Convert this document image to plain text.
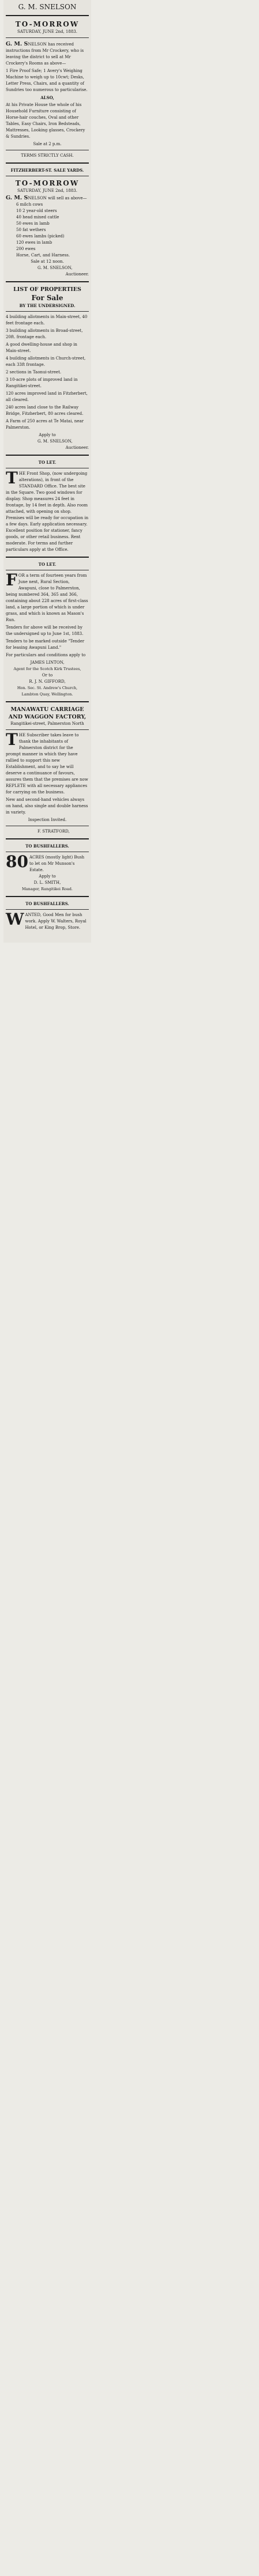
G. M. SNELSON
TO-MORROW
SATURDAY, JUNE 2nd, 1883.
G. M. SNELSON has received instructions from Mr Crockery, who is leaving the district to sell at Mr Crockery's Rooms as above—
1 Fire Proof Safe; 1 Avery's Weighing Machine to weigh up to 10cwt; Desks, Letter Press, Chairs, and a quantity of Sundries too numerous to particularise.
ALSO,
At his Private House the whole of his Household Furniture consisting of Horse-hair couches, Oval and other Tables, Easy Chairs, Iron Bedsteads, Mattresses, Looking glasses, Crockery & Sundries.
Sale at 2 p.m.
TERMS STRICTLY CASH.
FITZHERBERT-ST. SALE YARDS.
TO-MORROW
SATURDAY, JUNE 2nd, 1883.
G. M. SNELSON will sell as above—
6 milch cows
10 2 year-old steers
40 head mixed cattle
50 ewes in lamb
50 fat wethers
60 ewes lambs (picked)
120 ewes in lamb
200 ewes
Horse, Cart, and Harness.
Sale at 12 noon.
G. M. SNELSON,
Auctioneer.
LIST OF PROPERTIES
For Sale
BY THE UNDERSIGNED.
4 building allotments in Main-street, 40 feet frontage each.
3 building allotments in Broad-street, 20ft. frontage each.
A good dwelling-house and shop in Main-street.
4 building allotments in Church-street, each 33ft frontage.
2 sections in Taonui-street.
3 10-acre plots of improved land in Rangitikei-street.
120 acres improved land in Fitzherbert, all cleared.
240 acres land close to the Railway Bridge, Fitzherbert, 80 acres cleared.
A Farm of 250 acres at Te Matai, near Palmerston.
Apply to
G. M. SNELSON,
Auctioneer.
TO LET.
THE Front Shop, (now undergoing alterations), in front of the STANDARD Office. The best site in the Square. Two good windows for display. Shop measures 24 feet in frontage, by 14 feet in depth. Also room attached, with opening on shop. Premises will be ready for occupation in a few days. Early application necessary. Excellent position for stationer, fancy goods, or other retail business. Rent moderate. For terms and further particulars apply at the Office.
TO LET.
FOR a term of fourteen years from June next, Rural Section, Awapuni, close to Palmerston, being numbered 364, 365 and 366, containing about 228 acres of first-class land, a large portion of which is under grass, and which is known as Mason's Run.
Tenders for above will be received by the undersigned up to June 1st, 1883.
Tenders to be marked outside "Tender for leasing Awapuni Land."
For particulars and conditions apply to
JAMES LINTON,
Agent for the Scotch Kirk Trustees,
Or to
R. J. N. GIFFORD,
Hon. Sec. St. Andrew's Church,
Lambton Quay, Wellington.
MANAWATU CARRIAGE AND WAGGON FACTORY,
Rangitikei-street, Palmerston North
THE Subscriber takes leave to thank the inhabitants of Palmerston district for the prompt manner in which they have rallied to support this new Establishment, and to say he will deserve a continuance of favours, assures them that the premises are now REPLETE with all necessary appliances for carrying on the business.
New and second-hand vehicles always on hand, also single and double harness in variety.
Inspection Invited.
F. STRATFORD,
TO BUSHFALLERS.
80 ACRES (mostly light) Bush to let on Mr Munson's Estate.
Apply to
D. L. SMITH,
Manager, Rangitikei Road.
TO BUSHFALLERS.
WANTED, Good Men for bush work. Apply W. Walters, Royal Hotel, or King Brop, Store.
